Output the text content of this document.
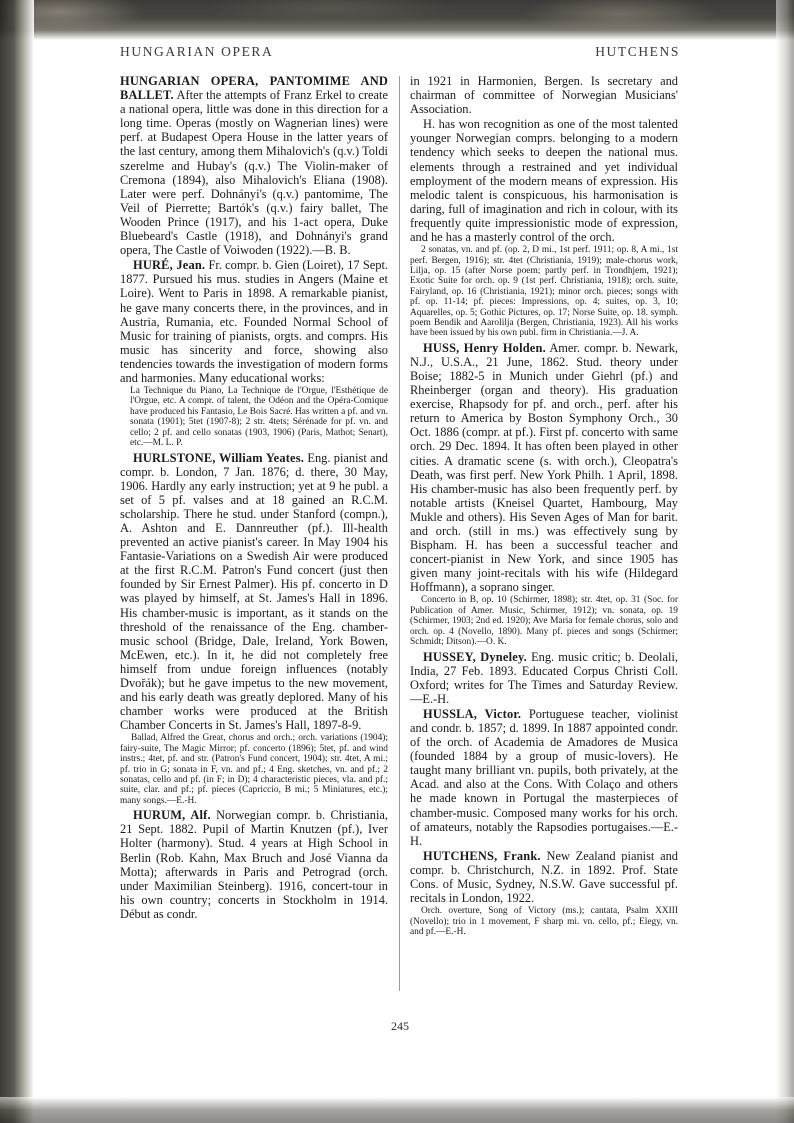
HUNGARIAN OPERA	HUTCHENS

HUNGARIAN OPERA, PANTOMIME AND BALLET. After the attempts of Franz Erkel to create a national opera, little was done in this direction for a long time. Operas (mostly on Wagnerian lines) were perf. at Budapest Opera House in the latter years of the last century, among them Mihalovich's (q.v.) Toldi szerelme and Hubay's (q.v.) The Violin-maker of Cremona (1894), also Mihalovich's Eliana (1908). Later were perf. Dohnányi's (q.v.) pantomime, The Veil of Pierrette; Bartók's (q.v.) fairy ballet, The Wooden Prince (1917), and his 1-act opera, Duke Bluebeard's Castle (1918), and Dohnányi's grand opera, The Castle of Voiwoden (1922).—B. B.

HURÉ, Jean. Fr. compr. b. Gien (Loiret), 17 Sept. 1877. Pursued his mus. studies in Angers (Maine et Loire). Went to Paris in 1898. A remarkable pianist, he gave many concerts there, in the provinces, and in Austria, Rumania, etc. Founded Normal School of Music for training of pianists, orgts. and comprs. His music has sincerity and force, showing also tendencies towards the investigation of modern forms and harmonies. Many educational works:

La Technique du Piano, La Technique de l'Orgue, l'Esthétique de l'Orgue, etc. A compr. of talent, the Odéon and the Opéra-Comique have produced his Fantasio, Le Bois Sacré. Has written a pf. and vn. sonata (1901); 5tet (1907-8); 2 str. 4tets; Sérénade for pf. vn. and cello; 2 pf. and cello sonatas (1903, 1906) (Paris, Mathot; Senart), etc.—M. L. P.

HURLSTONE, William Yeates. Eng. pianist and compr. b. London, 7 Jan. 1876; d. there, 30 May, 1906. Hardly any early instruction; yet at 9 he publ. a set of 5 pf. valses and at 18 gained an R.C.M. scholarship. There he stud. under Stanford (compn.), A. Ashton and E. Dannreuther (pf.). Ill-health prevented an active pianist's career. In May 1904 his Fantasie-Variations on a Swedish Air were produced at the first R.C.M. Patron's Fund concert (just then founded by Sir Ernest Palmer). His pf. concerto in D was played by himself, at St. James's Hall in 1896. His chamber-music is important, as it stands on the threshold of the renaissance of the Eng. chamber-music school (Bridge, Dale, Ireland, York Bowen, McEwen, etc.). In it, he did not completely free himself from undue foreign influences (notably Dvořák); but he gave impetus to the new movement, and his early death was greatly deplored. Many of his chamber works were produced at the British Chamber Concerts in St. James's Hall, 1897-8-9.

Ballad, Alfred the Great, chorus and orch.; orch. variations (1904); fairy-suite, The Magic Mirror; pf. concerto (1896); 5tet, pf. and wind instrs.; 4tet, pf. and str. (Patron's Fund concert, 1904); str. 4tet, A mi.; pf. trio in G; sonata in F, vn. and pf.; 4 Eng. sketches, vn. and pf.; 2 sonatas, cello and pf. (in F; in D); 4 characteristic pieces, vla. and pf.; suite, clar. and pf.; pf. pieces (Capriccio, B mi.; 5 Miniatures, etc.); many songs.—E.-H.

HURUM, Alf. Norwegian compr. b. Christiania, 21 Sept. 1882. Pupil of Martin Knutzen (pf.), Iver Holter (harmony). Stud. 4 years at High School in Berlin (Rob. Kahn, Max Bruch and José Vianna da Motta); afterwards in Paris and Petrograd (orch. under Maximilian Steinberg). 1916, concert-tour in his own country; concerts in Stockholm in 1914. Début as condr.

in 1921 in Harmonien, Bergen. Is secretary and chairman of committee of Norwegian Musicians' Association.

H. has won recognition as one of the most talented younger Norwegian comprs. belonging to a modern tendency which seeks to deepen the national mus. elements through a restrained and yet individual employment of the modern means of expression. His melodic talent is conspicuous, his harmonisation is daring, full of imagination and rich in colour, with its frequently quite impressionistic mode of expression, and he has a masterly control of the orch.

2 sonatas, vn. and pf. (op. 2, D mi., 1st perf. 1911; op. 8, A mi., 1st perf. Bergen, 1916); str. 4tet (Christiania, 1919); male-chorus work, Lilja, op. 15 (after Norse poem; partly perf. in Trondhjem, 1921); Exotic Suite for orch. op. 9 (1st perf. Christiania, 1918); orch. suite, Fairyland, op. 16 (Christiania, 1921); minor orch. pieces; songs with pf. op. 11-14; pf. pieces: Impressions, op. 4; suites, op. 3, 10; Aquarelles, op. 5; Gothic Pictures, op. 17; Norse Suite, op. 18. symph. poem Bendik and Aarolilja (Bergen, Christiania, 1923). All his works have been issued by his own publ. firm in Christiania.—J. A.

HUSS, Henry Holden. Amer. compr. b. Newark, N.J., U.S.A., 21 June, 1862. Stud. theory under Boise; 1882-5 in Munich under Giehrl (pf.) and Rheinberger (organ and theory). His graduation exercise, Rhapsody for pf. and orch., perf. after his return to America by Boston Symphony Orch., 30 Oct. 1886 (compr. at pf.). First pf. concerto with same orch. 29 Dec. 1894. It has often been played in other cities. A dramatic scene (s. with orch.), Cleopatra's Death, was first perf. New York Philh. 1 April, 1898. His chamber-music has also been frequently perf. by notable artists (Kneisel Quartet, Hambourg, May Mukle and others). His Seven Ages of Man for barit. and orch. (still in ms.) was effectively sung by Bispham. H. has been a successful teacher and concert-pianist in New York, and since 1905 has given many joint-recitals with his wife (Hildegard Hoffmann), a soprano singer.

Concerto in B, op. 10 (Schirmer, 1898); str. 4tet, op. 31 (Soc. for Publication of Amer. Music, Schirmer, 1912); vn. sonata, op. 19 (Schirmer, 1903; 2nd ed. 1920); Ave Maria for female chorus, solo and orch. op. 4 (Novello, 1890). Many pf. pieces and songs (Schirmer; Schmidt; Ditson).—O. K.

HUSSEY, Dyneley. Eng. music critic; b. Deolali, India, 27 Feb. 1893. Educated Corpus Christi Coll. Oxford; writes for The Times and Saturday Review.—E.-H.

HUSSLA, Victor. Portuguese teacher, violinist and condr. b. 1857; d. 1899. In 1887 appointed condr. of the orch. of Academia de Amadores de Musica (founded 1884 by a group of music-lovers). He taught many brilliant vn. pupils, both privately, at the Acad. and also at the Cons. With Colaço and others he made known in Portugal the masterpieces of chamber-music. Composed many works for his orch. of amateurs, notably the Rapsodies portugaises.—E.-H.

HUTCHENS, Frank. New Zealand pianist and compr. b. Christchurch, N.Z. in 1892. Prof. State Cons. of Music, Sydney, N.S.W. Gave successful pf. recitals in London, 1922.

Orch. overture, Song of Victory (ms.); cantata, Psalm XXIII (Novello); trio in 1 movement, F sharp mi. vn. cello, pf.; Elegy, vn. and pf.—E.-H.

245
